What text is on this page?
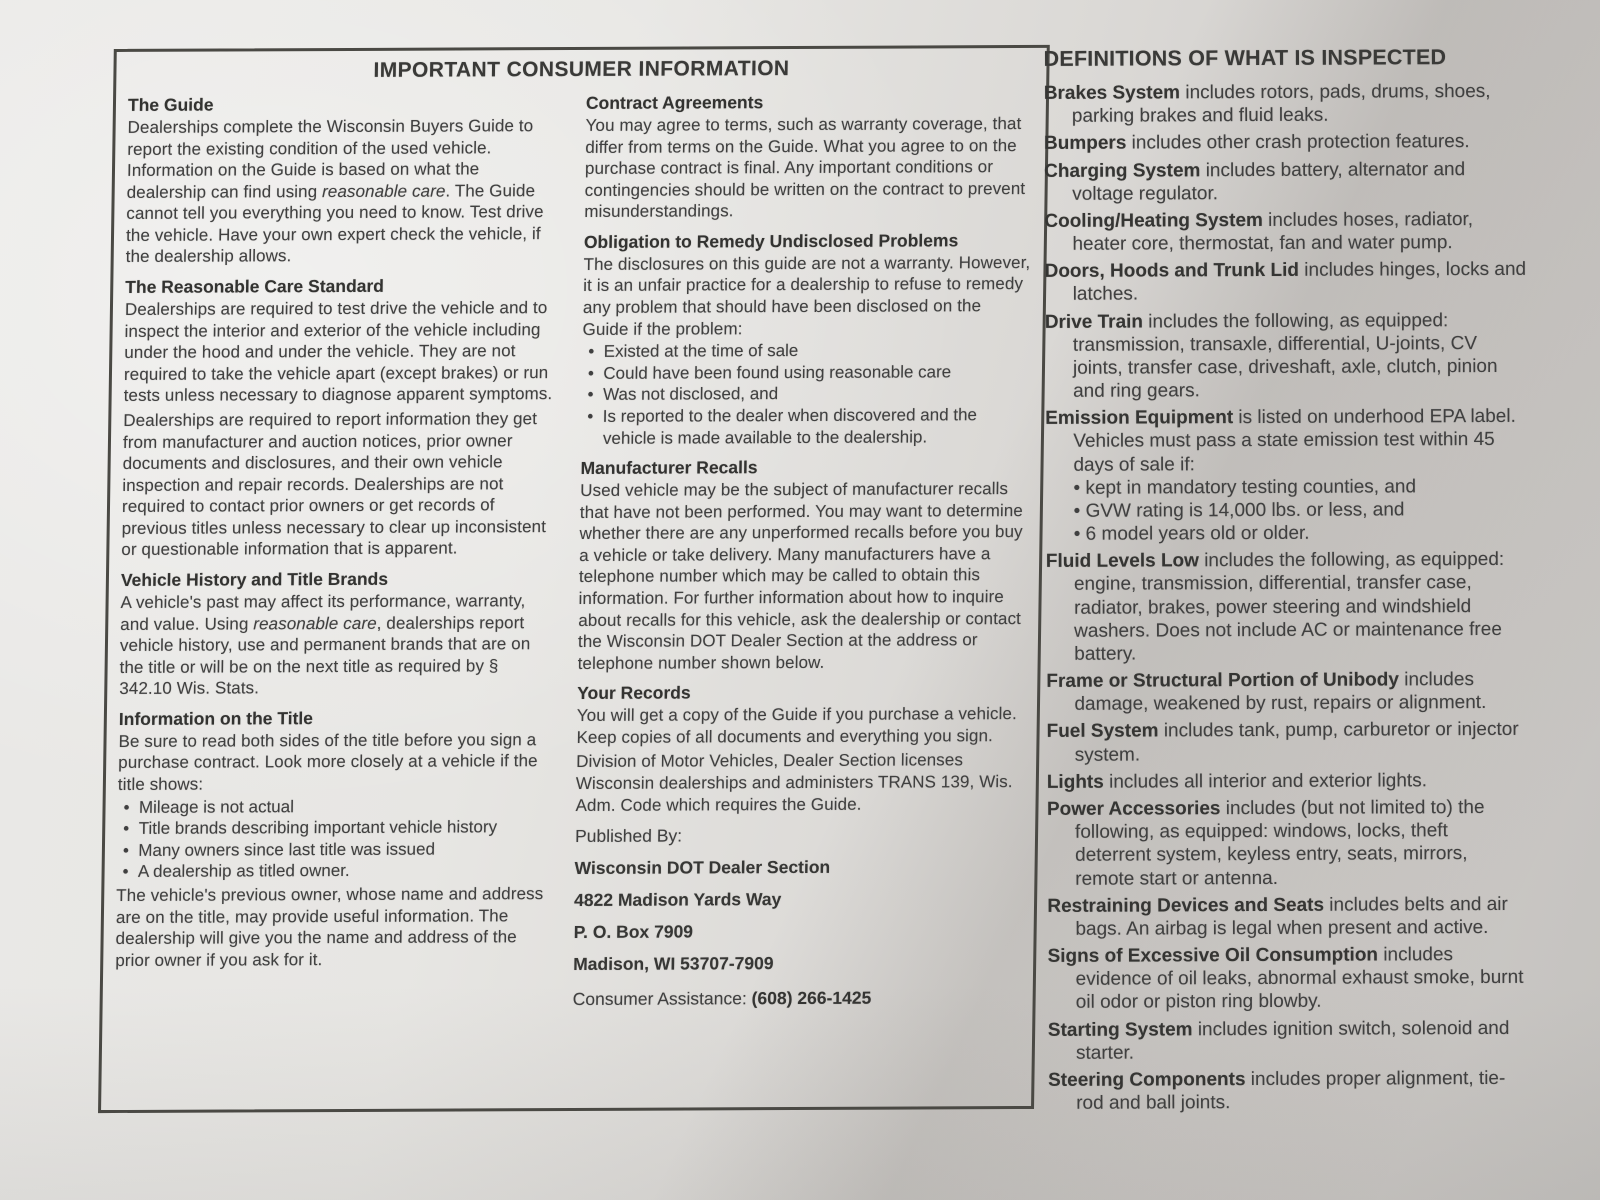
IMPORTANT CONSUMER INFORMATION
The Guide

Dealerships complete the Wisconsin Buyers Guide to report the existing condition of the used vehicle. Information on the Guide is based on what the dealership can find using reasonable care. The Guide cannot tell you everything you need to know. Test drive the vehicle. Have your own expert check the vehicle, if the dealership allows.

The Reasonable Care Standard

Dealerships are required to test drive the vehicle and to inspect the interior and exterior of the vehicle including under the hood and under the vehicle. They are not required to take the vehicle apart (except brakes) or run tests unless necessary to diagnose apparent symptoms.

Dealerships are required to report information they get from manufacturer and auction notices, prior owner documents and disclosures, and their own vehicle inspection and repair records. Dealerships are not required to contact prior owners or get records of previous titles unless necessary to clear up inconsistent or questionable information that is apparent.

Vehicle History and Title Brands

A vehicle's past may affect its performance, warranty, and value. Using reasonable care, dealerships report vehicle history, use and permanent brands that are on the title or will be on the next title as required by § 342.10 Wis. Stats.

Information on the Title

Be sure to read both sides of the title before you sign a purchase contract. Look more closely at a vehicle if the title shows:

•  Mileage is not actual
•  Title brands describing important vehicle history
•  Many owners since last title was issued
•  A dealership as titled owner.

The vehicle's previous owner, whose name and address are on the title, may provide useful information. The dealership will give you the name and address of the prior owner if you ask for it.

Contract Agreements

You may agree to terms, such as warranty coverage, that differ from terms on the Guide. What you agree to on the purchase contract is final. Any important conditions or contingencies should be written on the contract to prevent misunderstandings.

Obligation to Remedy Undisclosed Problems

The disclosures on this guide are not a warranty. However, it is an unfair practice for a dealership to refuse to remedy any problem that should have been disclosed on the Guide if the problem:

•  Existed at the time of sale
•  Could have been found using reasonable care
•  Was not disclosed, and
•  Is reported to the dealer when discovered and the vehicle is made available to the dealership.
Manufacturer Recalls

Used vehicle may be the subject of manufacturer recalls that have not been performed. You may want to determine whether there are any unperformed recalls before you buy a vehicle or take delivery. Many manufacturers have a telephone number which may be called to obtain this information. For further information about how to inquire about recalls for this vehicle, ask the dealership or contact the Wisconsin DOT Dealer Section at the address or telephone number shown below.

Your Records

You will get a copy of the Guide if you purchase a vehicle. Keep copies of all documents and everything you sign.

Division of Motor Vehicles, Dealer Section licenses Wisconsin dealerships and administers TRANS 139, Wis. Adm. Code which requires the Guide.

Published By:

Wisconsin DOT Dealer Section
4822 Madison Yards Way
P. O. Box 7909
Madison, WI 53707-7909

Consumer Assistance: (608) 266-1425

DEFINITIONS OF WHAT IS INSPECTED

Brakes System includes rotors, pads, drums, shoes, parking brakes and fluid leaks.

Bumpers includes other crash protection features.

Charging System includes battery, alternator and voltage regulator.

Cooling/Heating System includes hoses, radiator, heater core, thermostat, fan and water pump.

Doors, Hoods and Trunk Lid includes hinges, locks and latches.

Drive Train includes the following, as equipped: transmission, transaxle, differential, U-joints, CV joints, transfer case, driveshaft, axle, clutch, pinion and ring gears.

Emission Equipment is listed on underhood EPA label. Vehicles must pass a state emission test within 45 days of sale if:
• kept in mandatory testing counties, and
• GVW rating is 14,000 lbs. or less, and
• 6 model years old or older.

Fluid Levels Low includes the following, as equipped: engine, transmission, differential, transfer case, radiator, brakes, power steering and windshield washers. Does not include AC or maintenance free battery.

Frame or Structural Portion of Unibody includes damage, weakened by rust, repairs or alignment.

Fuel System includes tank, pump, carburetor or injector system.

Lights includes all interior and exterior lights.

Power Accessories includes (but not limited to) the following, as equipped: windows, locks, theft deterrent system, keyless entry, seats, mirrors, remote start or antenna.

Restraining Devices and Seats includes belts and air bags. An airbag is legal when present and active.

Signs of Excessive Oil Consumption includes evidence of oil leaks, abnormal exhaust smoke, burnt oil odor or piston ring blowby.

Starting System includes ignition switch, solenoid and starter.

Steering Components includes proper alignment, tie-rod and ball joints.
